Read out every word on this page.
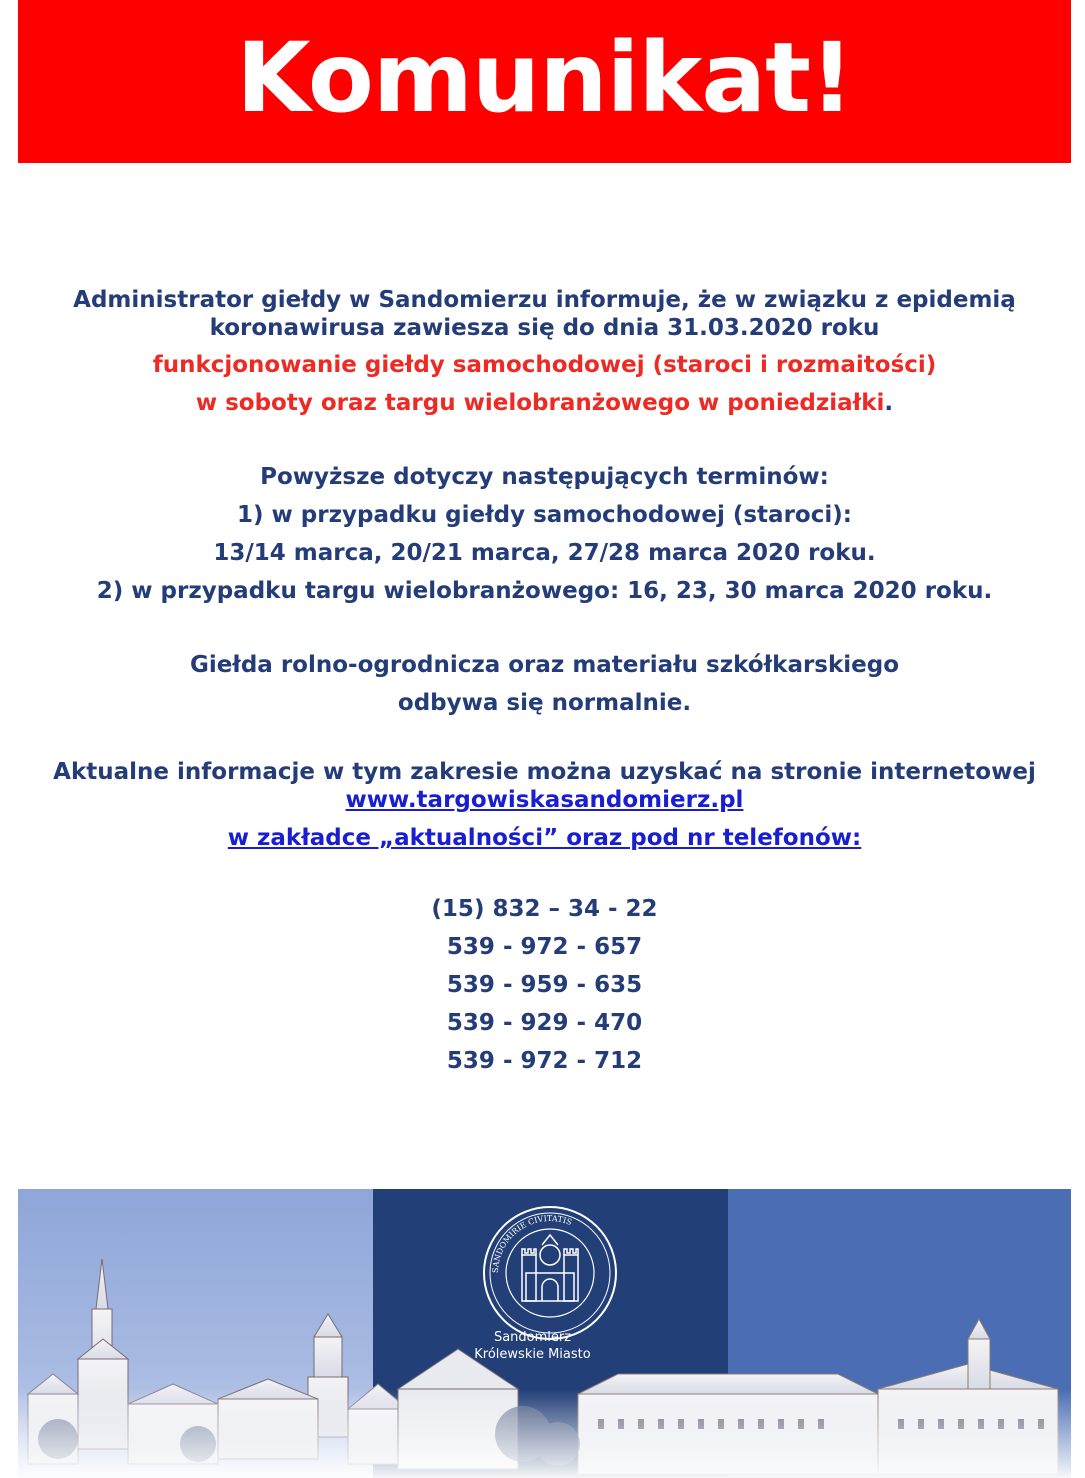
Komunikat!
Administrator giełdy w Sandomierzu informuje, że w związku z epidemią
koronawirusa zawiesza się do dnia 31.03.2020 roku
funkcjonowanie giełdy samochodowej (staroci i rozmaitości)
w soboty oraz targu wielobranżowego w poniedziałki.
Powyższe dotyczy następujących terminów:
1) w przypadku giełdy samochodowej (staroci):
13/14 marca, 20/21 marca, 27/28 marca 2020 roku.
2) w przypadku targu wielobranżowego: 16, 23, 30 marca 2020 roku.
Giełda rolno-ogrodnicza oraz materiału szkółkarskiego
odbywa się normalnie.
Aktualne informacje w tym zakresie można uzyskać na stronie internetowej
www.targowiskasandomierz.pl
w zakładce „aktualności” oraz pod nr telefonów:
(15) 832 – 34 - 22
539 - 972 - 657
539 - 959 - 635
539 - 929 - 470
539 - 972 - 712
SANDOMIRIE CIVITATIS
Sandomierz
Królewskie Miasto
